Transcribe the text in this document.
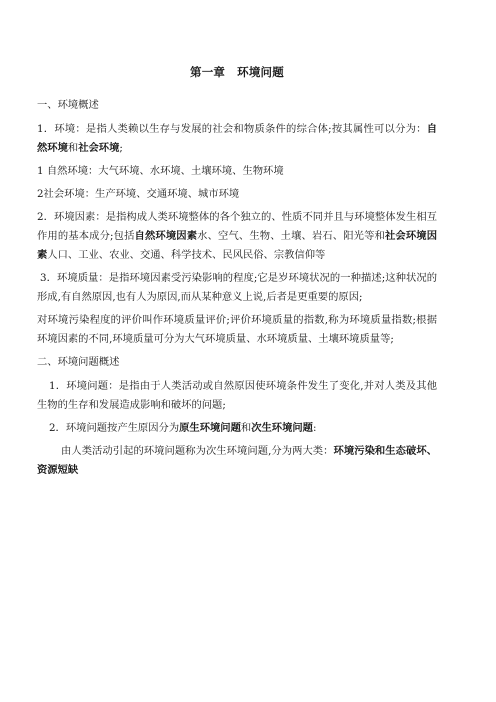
第一章 环境问题

一、环境概述

1．环境：是指人类赖以生存与发展的社会和物质条件的综合体;按其属性可以分为：自然环境和社会环境;

1 自然环境：大气环境、水环境、土壤环境、生物环境

2社会环境：生产环境、交通环境、城市环境

2．环境因素：是指构成人类环境整体的各个独立的、性质不同并且与环境整体发生相互作用的基本成分;包括自然环境因素水、空气、生物、土壤、岩石、阳光等和社会环境因素人口、工业、农业、交通、科学技术、民风民俗、宗教信仰等

3．环境质量：是指环境因素受污染影响的程度;它是岁环境状况的一种描述;这种状况的形成,有自然原因,也有人为原因,而从某种意义上说,后者是更重要的原因;

对环境污染程度的评价叫作环境质量评价;评价环境质量的指数,称为环境质量指数;根据环境因素的不同,环境质量可分为大气环境质量、水环境质量、土壤环境质量等;

二、环境问题概述

1．环境问题：是指由于人类活动或自然原因使环境条件发生了变化,并对人类及其他生物的生存和发展造成影响和破坏的问题;

2．环境问题按产生原因分为原生环境问题和次生环境问题:

由人类活动引起的环境问题称为次生环境问题,分为两大类：环境污染和生态破坏、资源短缺
